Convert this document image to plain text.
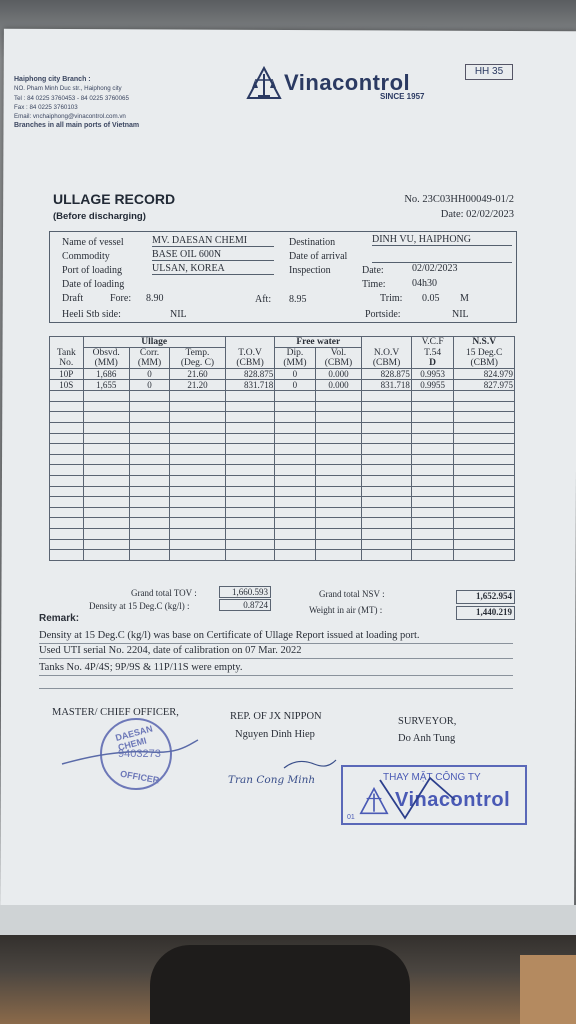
Haiphong city Branch :
NO. Pham Minh Duc str., Haiphong city
Tel : 84 0225 3760453 - 84 0225 3760065
Fax : 84 0225 3760103
Email: vnchaiphong@vinacontrol.com.vn
Branches in all main ports of Vietnam
Vinacontrol
SINCE 1957
HH 35
ULLAGE RECORD
(Before discharging)
No. 23C03HH00049-01/2
Date: 02/02/2023
Name of vessel	MV. DAESAN CHEMI
Commodity	BASE OIL 600N
Port of loading	ULSAN, KOREA
Date of loading
Draft	Fore: 8.90	Aft: 8.95
Heeli Stb side:	NIL
Destination	DINH VU, HAIPHONG
Date of arrival
Inspection	Date:	02/02/2023
Time:	04h30
Trim: 0.05 M
Portside:	NIL
	Ullage				Free water			V.C.F	N.S.V
Tank	Obsvd.	Corr.	Temp.	T.O.V	Dip.	Vol.	N.O.V	T.54	15 Deg.C
No.	(MM)	(MM)	(Deg. C)	(CBM)	(MM)	(CBM)	(CBM)	D	(CBM)
10P	1,686	0	21.60	828.875	0	0.000	828.875	0.9953	824.979
10S	1,655	0	21.20	831.718	0	0.000	831.718	0.9955	827.975

Grand total TOV :	1,660.593
Density at 15 Deg.C (kg/l) :	0.8724
Grand total NSV :	1,652.954
Weight in air (MT) :	1,440.219
Remark:
Density at 15 Deg.C (kg/l) was base on Certificate of Ullage Report issued at loading port.
Used UTI serial No. 2204, date of calibration on 07 Mar. 2022
Tanks No. 4P/4S; 9P/9S & 11P/11S were empty.
MASTER/ CHIEF OFFICER,	REP. OF JX NIPPON
Nguyen Dinh Hiep
SURVEYOR,
Do Anh Tung
DAESAN CHEMI
9403273
OFFICER	Tran Cong Minh	THAY MẶT CÔNG TY
Vinacontrol
01
